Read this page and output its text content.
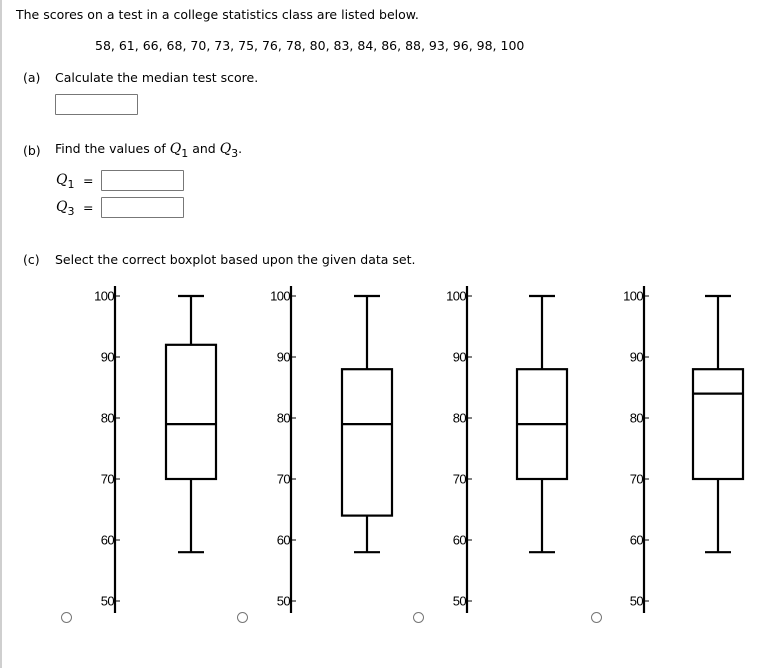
The scores on a test in a college statistics class are listed below.
58, 61, 66, 68, 70, 73, 75, 76, 78, 80, 83, 84, 86, 88, 93, 96, 98, 100
(a) Calculate the median test score.
(b) Find the values of $Q_1$ and $Q_3$.
$Q_1$ =
$Q_3$ =
(c) Select the correct boxplot based upon the given data set.
100
90
80
70
60
50
100
90
80
70
60
50
100
90
80
70
60
50
100
90
80
70
60
50
